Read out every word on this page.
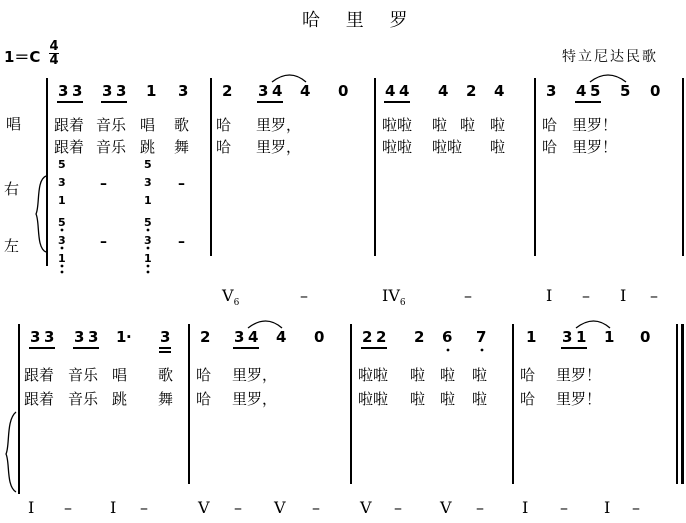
哈 里 罗
1＝C
4
4	特立尼达民歌
唱
右
左
3 3 3 3 1 3 2 3 4 4 0 4 4 4 2 4	3 4 5 5 0
跟着 音乐 唱 歌 哈 里罗，	啦啦 啦 啦 啦 哈 里罗！
跟着 音乐 跳 舞 哈 里罗，	啦啦 啦啦 啦 哈 里罗！
5
3
1
–
5
3
1
–
5
3
1
–
5
3
1
–
$V_6$	–	$IV_6$	–	I – I –
3 3 3 3 1 · 3 2 3 4 4 0	2 2 2 6 7	1 3 1 1 0
跟着 音乐 唱 歌 哈 里罗，	啦啦 啦 啦 啦 哈 里罗！
跟着 音乐 跳 舞 哈 里罗，	啦啦 啦 啦 啦 哈 里罗！
I – I –	V – V –	V – V – I – I –
